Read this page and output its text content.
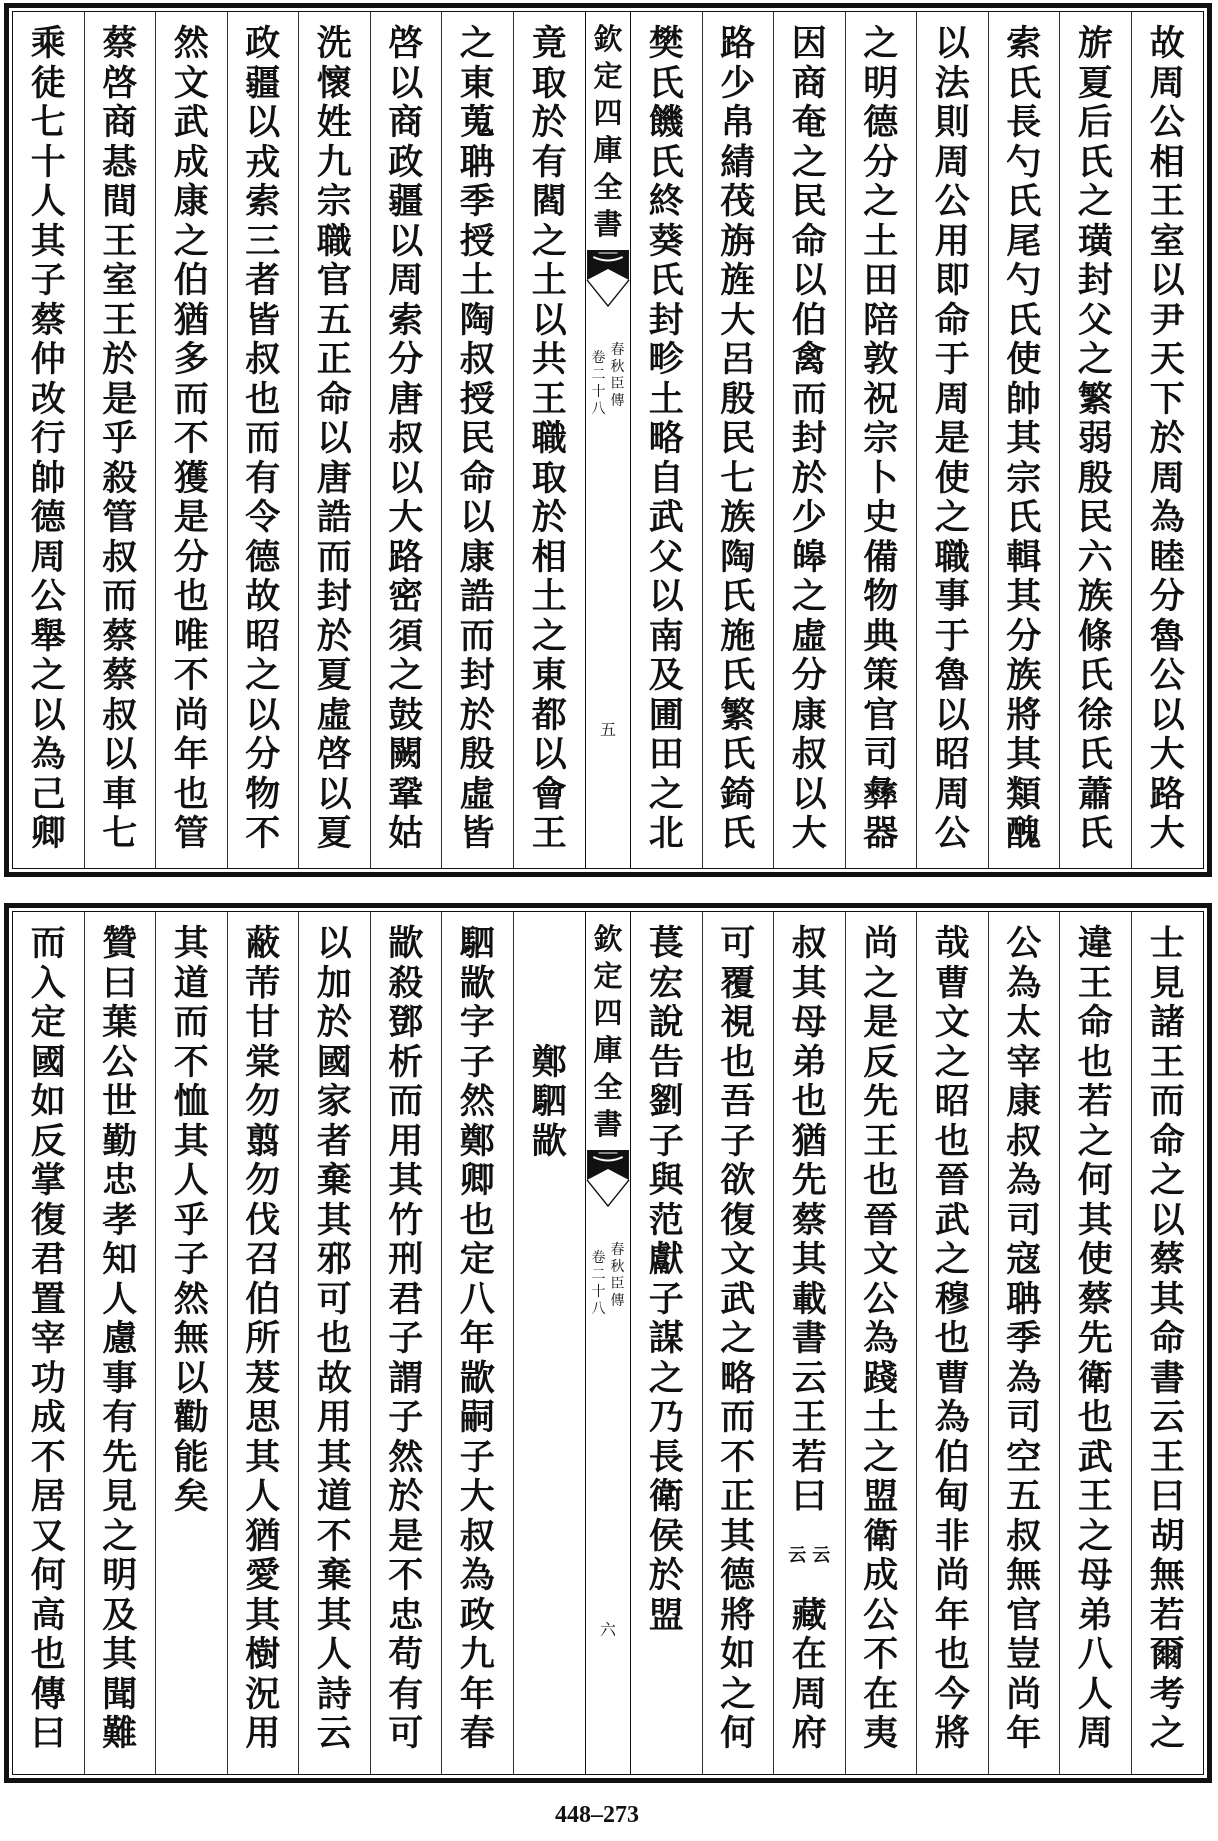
故
周
公
相
王
室
以
尹
天
下
於
周
為
睦
分
魯
公
以
大
路
大
旂
夏
后
氏
之
璜
封
父
之
繁
弱
殷
民
六
族
條
氏
徐
氏
蕭
氏
索
氏
長
勺
氏
尾
勺
氏
使
帥
其
宗
氏
輯
其
分
族
將
其
類
醜
以
法
則
周
公
用
即
命
于
周
是
使
之
職
事
于
魯
以
昭
周
公
之
明
德
分
之
土
田
陪
敦
祝
宗
卜
史
備
物
典
策
官
司
彝
器
因
商
奄
之
民
命
以
伯
禽
而
封
於
少
皞
之
虛
分
康
叔
以
大
路
少
帛
綪
茷
旃
旌
大
呂
殷
民
七
族
陶
氏
施
氏
繁
氏
錡
氏
樊
氏
饑
氏
終
葵
氏
封
畛
土
略
自
武
父
以
南
及
圃
田
之
北
欽
定
四
庫
全
書
春
秋
臣
傳
卷
二
十
八
五
竟
取
於
有
閻
之
土
以
共
王
職
取
於
相
土
之
東
都
以
會
王
之
東
蒐
聃
季
授
土
陶
叔
授
民
命
以
康
誥
而
封
於
殷
虛
皆
啓
以
商
政
疆
以
周
索
分
唐
叔
以
大
路
密
須
之
鼓
闕
鞏
姑
洗
懷
姓
九
宗
職
官
五
正
命
以
唐
誥
而
封
於
夏
虛
啓
以
夏
政
疆
以
戎
索
三
者
皆
叔
也
而
有
令
德
故
昭
之
以
分
物
不
然
文
武
成
康
之
伯
猶
多
而
不
獲
是
分
也
唯
不
尚
年
也
管
蔡
啓
商
惎
間
王
室
王
於
是
乎
殺
管
叔
而
蔡
蔡
叔
以
車
七
乘
徒
七
十
人
其
子
蔡
仲
改
行
帥
德
周
公
舉
之
以
為
己
卿
士
見
諸
王
而
命
之
以
蔡
其
命
書
云
王
曰
胡
無
若
爾
考
之
違
王
命
也
若
之
何
其
使
蔡
先
衛
也
武
王
之
母
弟
八
人
周
公
為
太
宰
康
叔
為
司
寇
聃
季
為
司
空
五
叔
無
官
豈
尚
年
哉
曹
文
之
昭
也
晉
武
之
穆
也
曹
為
伯
甸
非
尚
年
也
今
將
尚
之
是
反
先
王
也
晉
文
公
為
踐
土
之
盟
衛
成
公
不
在
夷
叔
其
母
弟
也
猶
先
蔡
其
載
書
云
王
若
曰
云
云
藏
在
周
府
可
覆
視
也
吾
子
欲
復
文
武
之
略
而
不
正
其
德
將
如
之
何
萇
宏
說
告
劉
子
與
范
獻
子
謀
之
乃
長
衛
侯
於
盟
欽
定
四
庫
全
書
春
秋
臣
傳
卷
二
十
八
六
鄭
駟
歂
駟
歂
字
子
然
鄭
卿
也
定
八
年
歂
嗣
子
大
叔
為
政
九
年
春
歂
殺
鄧
析
而
用
其
竹
刑
君
子
謂
子
然
於
是
不
忠
苟
有
可
以
加
於
國
家
者
棄
其
邪
可
也
故
用
其
道
不
棄
其
人
詩
云
蔽
芾
甘
棠
勿
翦
勿
伐
召
伯
所
茇
思
其
人
猶
愛
其
樹
況
用
其
道
而
不
恤
其
人
乎
子
然
無
以
勸
能
矣
贊
曰
葉
公
世
勤
忠
孝
知
人
慮
事
有
先
見
之
明
及
其
聞
難
而
入
定
國
如
反
掌
復
君
置
宰
功
成
不
居
又
何
高
也
傳
曰
448–273
